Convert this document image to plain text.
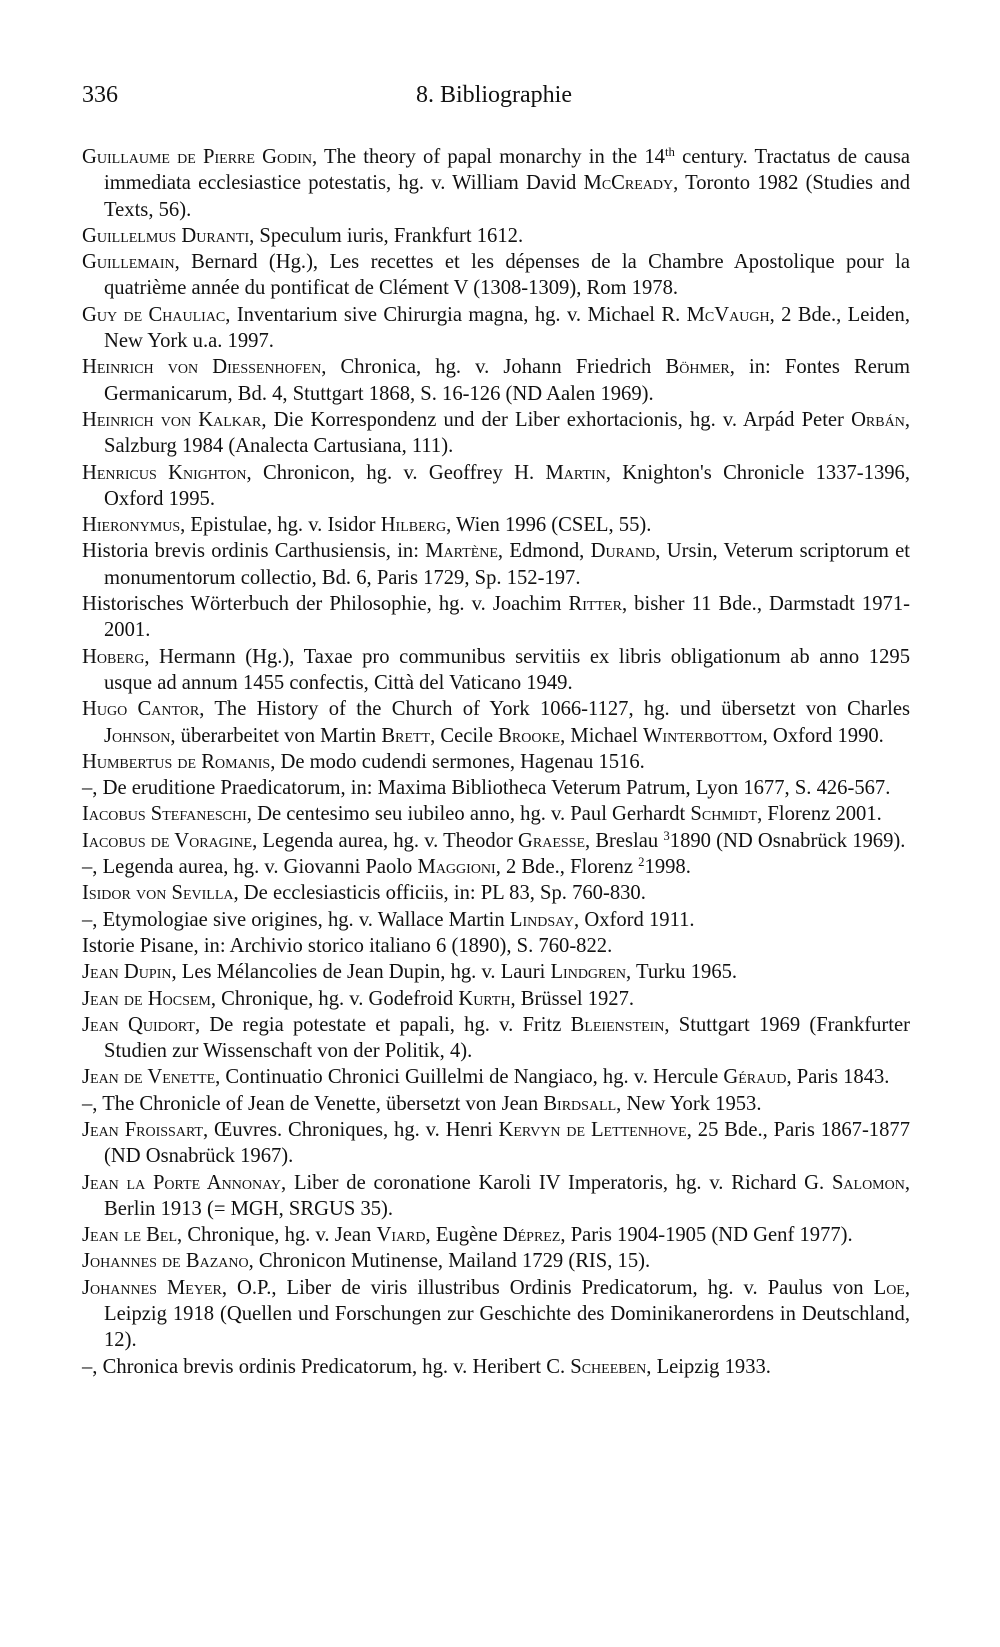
336	8. Bibliographie

Guillaume de Pierre Godin, The theory of papal monarchy in the 14th century. Tractatus de causa immediata ecclesiastice potestatis, hg. v. William David McCready, Toronto 1982 (Studies and Texts, 56).

Guillelmus Duranti, Speculum iuris, Frankfurt 1612.

Guillemain, Bernard (Hg.), Les recettes et les dépenses de la Chambre Apostolique pour la quatrième année du pontificat de Clément V (1308-1309), Rom 1978.

Guy de Chauliac, Inventarium sive Chirurgia magna, hg. v. Michael R. McVaugh, 2 Bde., Leiden, New York u.a. 1997.

Heinrich von Diessenhofen, Chronica, hg. v. Johann Friedrich Böhmer, in: Fontes Rerum Germanicarum, Bd. 4, Stuttgart 1868, S. 16-126 (ND Aalen 1969).

Heinrich von Kalkar, Die Korrespondenz und der Liber exhortacionis, hg. v. Arpád Peter Orbán, Salzburg 1984 (Analecta Cartusiana, 111).

Henricus Knighton, Chronicon, hg. v. Geoffrey H. Martin, Knighton's Chronicle 1337-1396, Oxford 1995.

Hieronymus, Epistulae, hg. v. Isidor Hilberg, Wien 1996 (CSEL, 55).

Historia brevis ordinis Carthusiensis, in: Martène, Edmond, Durand, Ursin, Veterum scriptorum et monumentorum collectio, Bd. 6, Paris 1729, Sp. 152-197.

Historisches Wörterbuch der Philosophie, hg. v. Joachim Ritter, bisher 11 Bde., Darmstadt 1971-2001.

Hoberg, Hermann (Hg.), Taxae pro communibus servitiis ex libris obligationum ab anno 1295 usque ad annum 1455 confectis, Città del Vaticano 1949.

Hugo Cantor, The History of the Church of York 1066-1127, hg. und übersetzt von Charles Johnson, überarbeitet von Martin Brett, Cecile Brooke, Michael Winterbottom, Oxford 1990.

Humbertus de Romanis, De modo cudendi sermones, Hagenau 1516.

–, De eruditione Praedicatorum, in: Maxima Bibliotheca Veterum Patrum, Lyon 1677, S. 426-567.

Iacobus Stefaneschi, De centesimo seu iubileo anno, hg. v. Paul Gerhardt Schmidt, Florenz 2001.

Iacobus de Voragine, Legenda aurea, hg. v. Theodor Graesse, Breslau $^3$1890 (ND Osnabrück 1969).

–, Legenda aurea, hg. v. Giovanni Paolo Maggioni, 2 Bde., Florenz $^2$1998.

Isidor von Sevilla, De ecclesiasticis officiis, in: PL 83, Sp. 760-830.

–, Etymologiae sive origines, hg. v. Wallace Martin Lindsay, Oxford 1911.

Istorie Pisane, in: Archivio storico italiano 6 (1890), S. 760-822.

Jean Dupin, Les Mélancolies de Jean Dupin, hg. v. Lauri Lindgren, Turku 1965.

Jean de Hocsem, Chronique, hg. v. Godefroid Kurth, Brüssel 1927.

Jean Quidort, De regia potestate et papali, hg. v. Fritz Bleienstein, Stuttgart 1969 (Frankfurter Studien zur Wissenschaft von der Politik, 4).

Jean de Venette, Continuatio Chronici Guillelmi de Nangiaco, hg. v. Hercule Géraud, Paris 1843.

–, The Chronicle of Jean de Venette, übersetzt von Jean Birdsall, New York 1953.

Jean Froissart, Œuvres. Chroniques, hg. v. Henri Kervyn de Lettenhove, 25 Bde., Paris 1867-1877 (ND Osnabrück 1967).

Jean la Porte Annonay, Liber de coronatione Karoli IV Imperatoris, hg. v. Richard G. Salomon, Berlin 1913 (= MGH, SRGUS 35).

Jean le Bel, Chronique, hg. v. Jean Viard, Eugène Déprez, Paris 1904-1905 (ND Genf 1977).

Johannes de Bazano, Chronicon Mutinense, Mailand 1729 (RIS, 15).

Johannes Meyer, O.P., Liber de viris illustribus Ordinis Predicatorum, hg. v. Paulus von Loe, Leipzig 1918 (Quellen und Forschungen zur Geschichte des Dominikanerordens in Deutschland, 12).

–, Chronica brevis ordinis Predicatorum, hg. v. Heribert C. Scheeben, Leipzig 1933.
